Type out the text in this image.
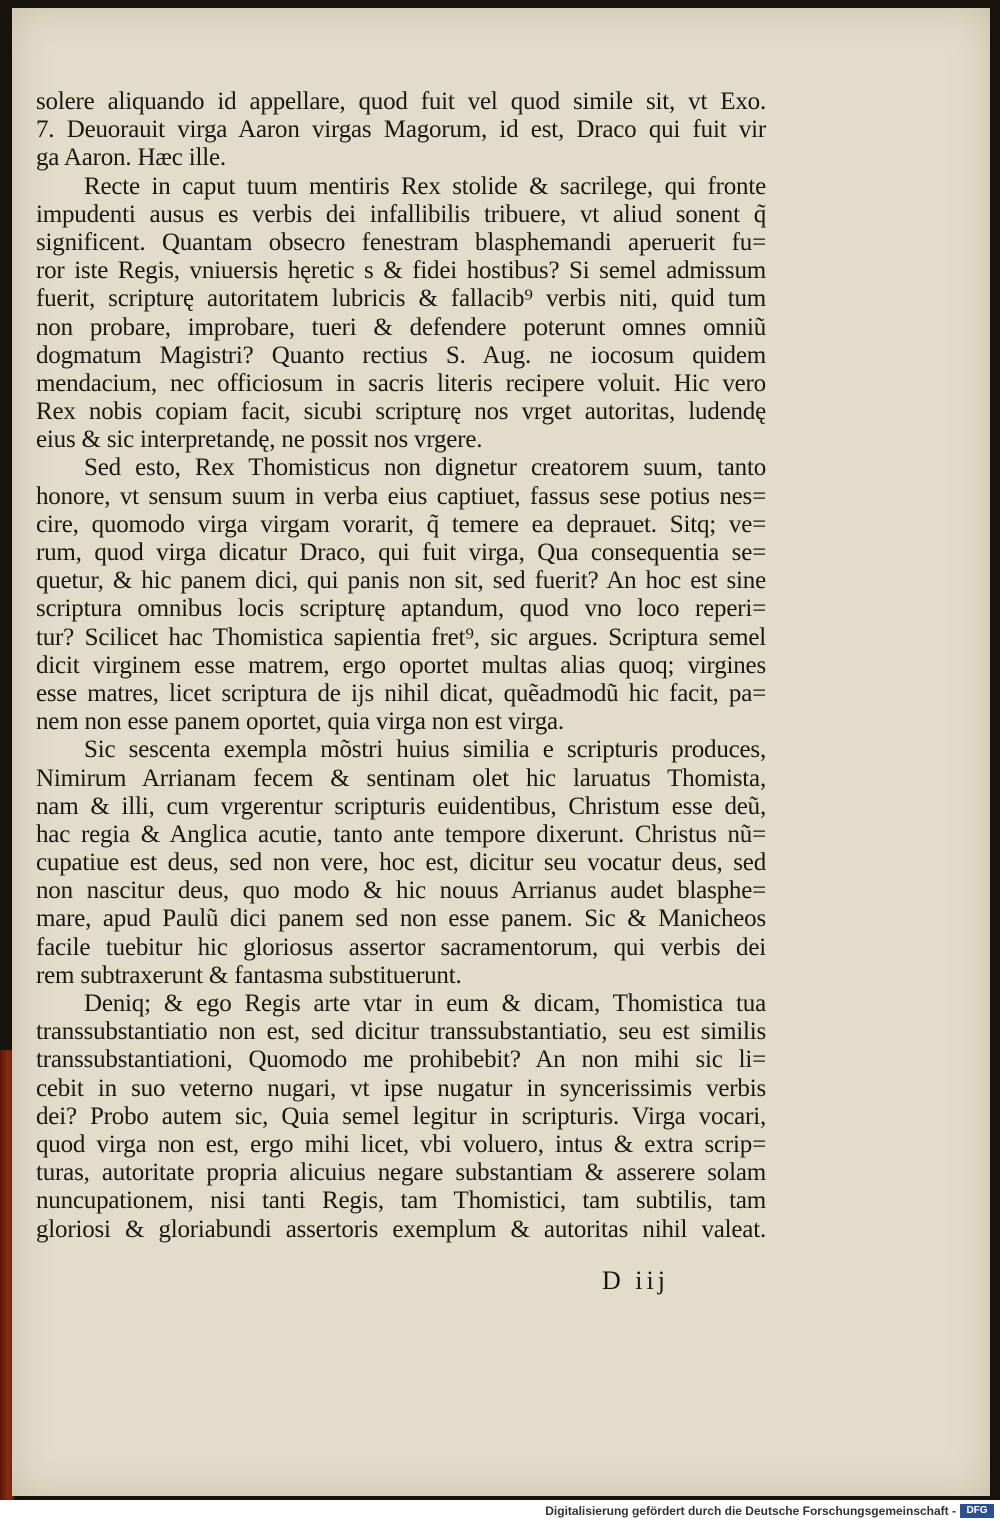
solere aliquando id appellare, quod fuit vel quod simile sit, vt Exo.
7. Deuorauit virga Aaron virgas Magorum, id est, Draco qui fuit vir
ga Aaron. Hæc ille.
Recte in caput tuum mentiris Rex stolide & sacrilege, qui fronte
impudenti ausus es verbis dei infallibilis tribuere, vt aliud sonent q̃
significent. Quantam obsecro fenestram blasphemandi aperuerit fu=
ror iste Regis, vniuersis hęretic s & fidei hostibus? Si semel admissum
fuerit, scripturę autoritatem lubricis & fallacib⁹ verbis niti, quid tum
non probare, improbare, tueri & defendere poterunt omnes omniũ
dogmatum Magistri? Quanto rectius S. Aug. ne iocosum quidem
mendacium, nec officiosum in sacris literis recipere voluit. Hic vero
Rex nobis copiam facit, sicubi scripturę nos vrget autoritas, ludendę
eius & sic interpretandę, ne possit nos vrgere.
Sed esto, Rex Thomisticus non dignetur creatorem suum, tanto
honore, vt sensum suum in verba eius captiuet, fassus sese potius nes=
cire, quomodo virga virgam vorarit, q̃ temere ea deprauet. Sitq; ve=
rum, quod virga dicatur Draco, qui fuit virga, Qua consequentia se=
quetur, & hic panem dici, qui panis non sit, sed fuerit? An hoc est sine
scriptura omnibus locis scripturę aptandum, quod vno loco reperi=
tur? Scilicet hac Thomistica sapientia fret⁹, sic argues. Scriptura semel
dicit virginem esse matrem, ergo oportet multas alias quoq; virgines
esse matres, licet scriptura de ijs nihil dicat, quẽadmodũ hic facit, pa=
nem non esse panem oportet, quia virga non est virga.
Sic sescenta exempla mõstri huius similia e scripturis produces,
Nimirum Arrianam fecem & sentinam olet hic laruatus Thomista,
nam & illi, cum vrgerentur scripturis euidentibus, Christum esse deũ,
hac regia & Anglica acutie, tanto ante tempore dixerunt. Christus nũ=
cupatiue est deus, sed non vere, hoc est, dicitur seu vocatur deus, sed
non nascitur deus, quo modo & hic nouus Arrianus audet blasphe=
mare, apud Paulũ dici panem sed non esse panem. Sic & Manicheos
facile tuebitur hic gloriosus assertor sacramentorum, qui verbis dei
rem subtraxerunt & fantasma substituerunt.
Deniq; & ego Regis arte vtar in eum & dicam, Thomistica tua
transsubstantiatio non est, sed dicitur transsubstantiatio, seu est similis
transsubstantiationi, Quomodo me prohibebit? An non mihi sic li=
cebit in suo veterno nugari, vt ipse nugatur in syncerissimis verbis
dei? Probo autem sic, Quia semel legitur in scripturis. Virga vocari,
quod virga non est, ergo mihi licet, vbi voluero, intus & extra scrip=
turas, autoritate propria alicuius negare substantiam & asserere solam
nuncupationem, nisi tanti Regis, tam Thomistici, tam subtilis, tam
gloriosi & gloriabundi assertoris exemplum & autoritas nihil valeat.
D iij
Digitalisierung gefördert durch die Deutsche Forschungsgemeinschaft -	DFG
